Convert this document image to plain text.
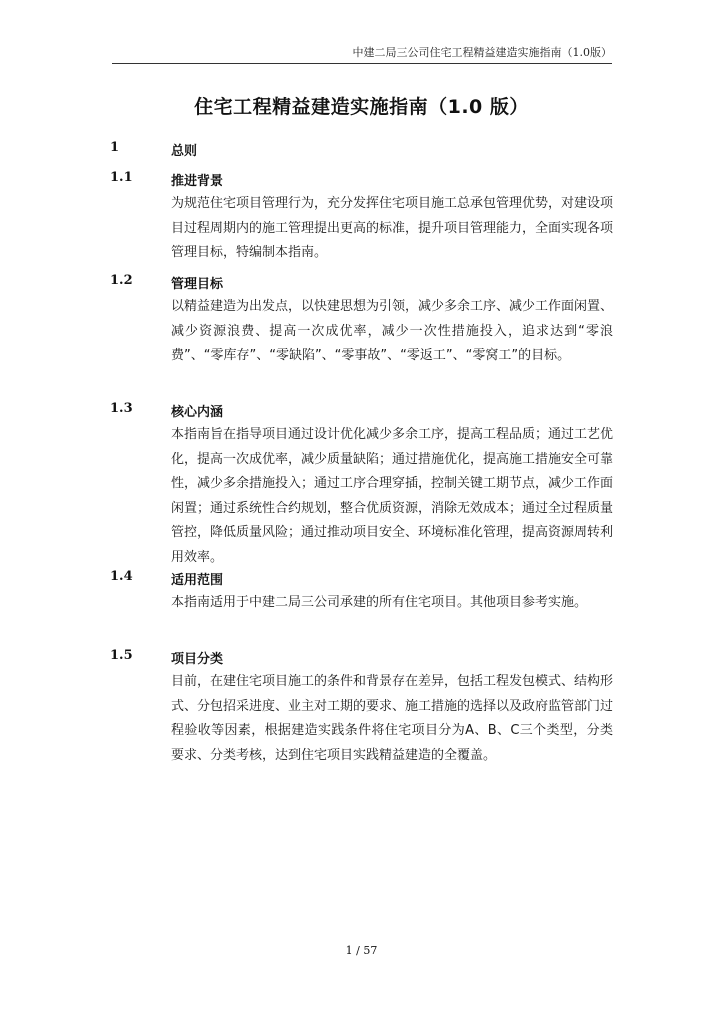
中建二局三公司住宅工程精益建造实施指南（1.0版）
住宅工程精益建造实施指南（1.0 版）
1	总则
1.1	推进背景
为规范住宅项目管理行为，充分发挥住宅项目施工总承包管理优势，对建设项目过程周期内的施工管理提出更高的标准，提升项目管理能力，全面实现各项管理目标，特编制本指南。
1.2	管理目标
以精益建造为出发点，以快建思想为引领，减少多余工序、减少工作面闲置、减少资源浪费、提高一次成优率，减少一次性措施投入，追求达到“零浪费”、“零库存”、“零缺陷”、“零事故”、“零返工”、“零窝工”的目标。
1.3	核心内涵
本指南旨在指导项目通过设计优化减少多余工序，提高工程品质；通过工艺优化，提高一次成优率，减少质量缺陷；通过措施优化，提高施工措施安全可靠性，减少多余措施投入；通过工序合理穿插，控制关键工期节点，减少工作面闲置；通过系统性合约规划，整合优质资源，消除无效成本；通过全过程质量管控，降低质量风险；通过推动项目安全、环境标准化管理，提高资源周转利用效率。
1.4	适用范围
本指南适用于中建二局三公司承建的所有住宅项目。其他项目参考实施。
1.5	项目分类
目前，在建住宅项目施工的条件和背景存在差异，包括工程发包模式、结构形式、分包招采进度、业主对工期的要求、施工措施的选择以及政府监管部门过程验收等因素，根据建造实践条件将住宅项目分为A、B、C三个类型，分类要求、分类考核，达到住宅项目实践精益建造的全覆盖。
1 / 57
